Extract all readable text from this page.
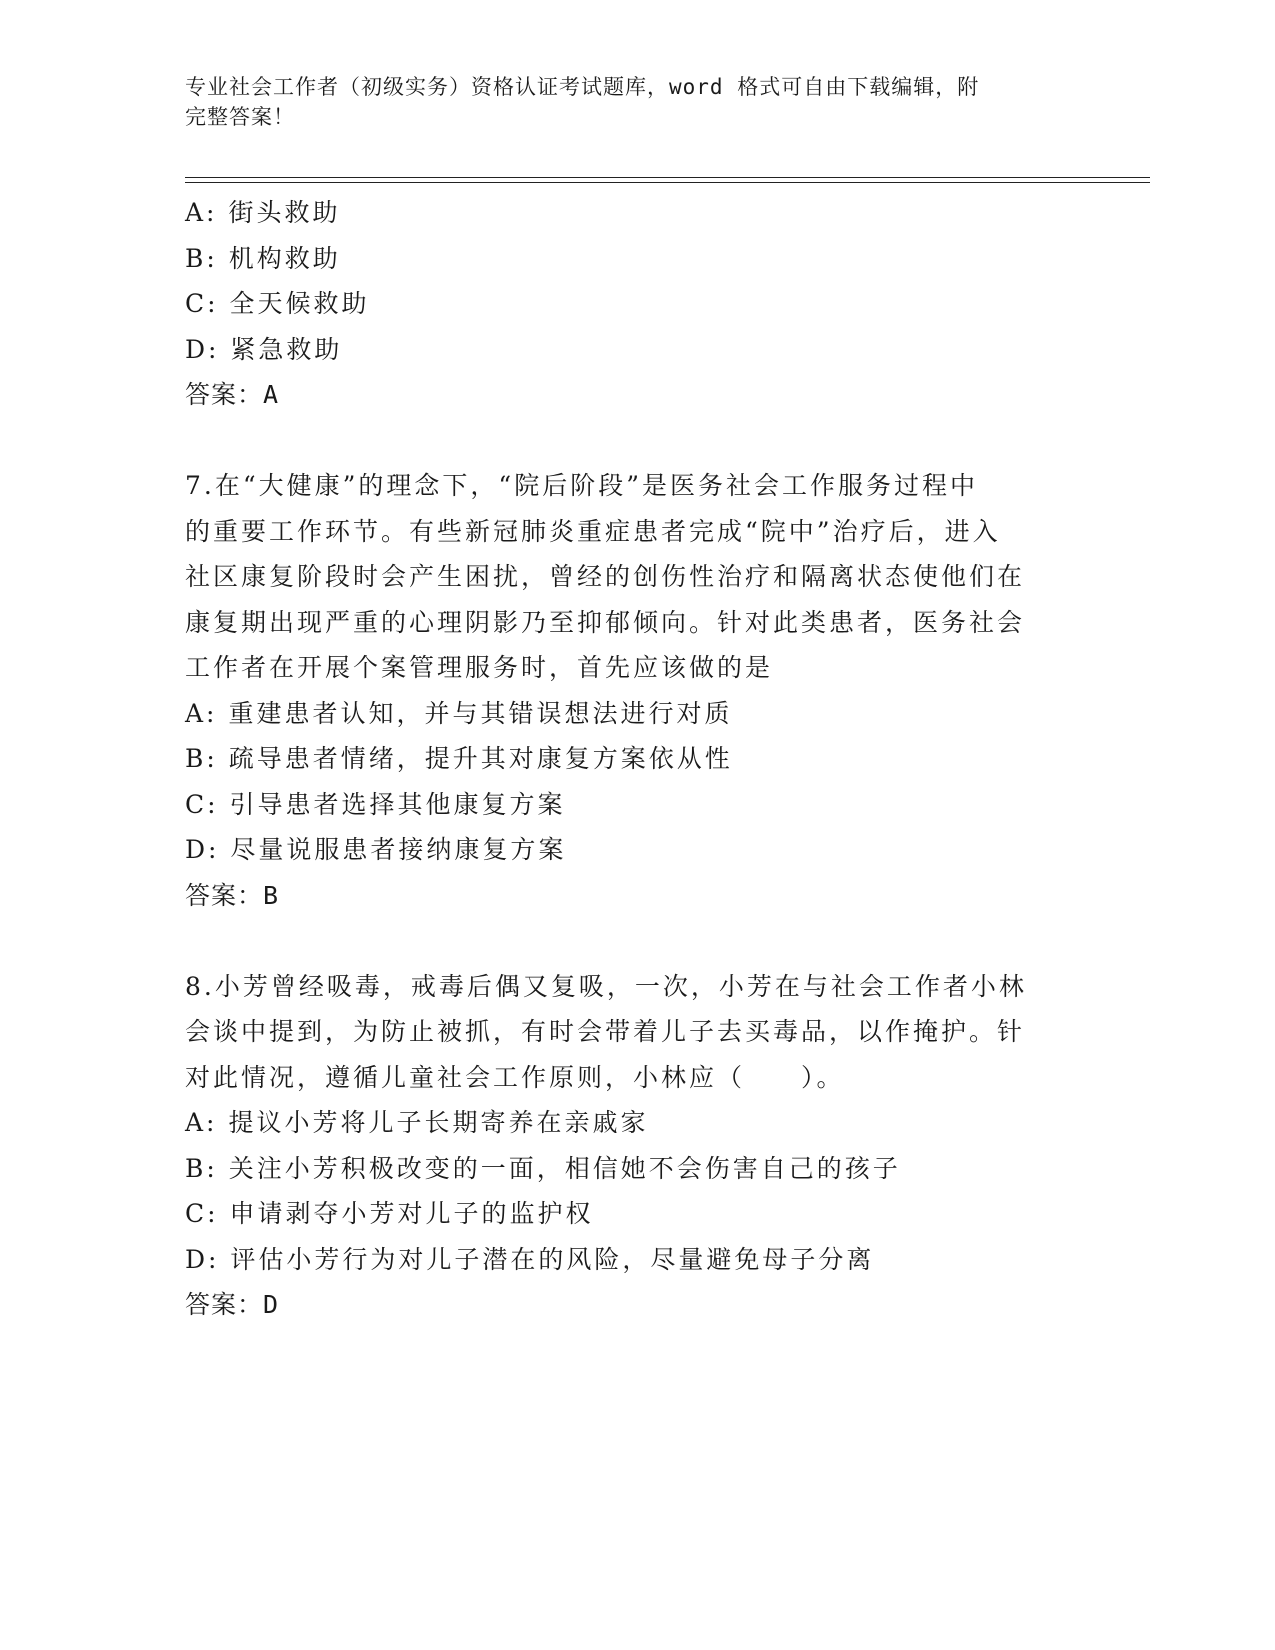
专业社会工作者（初级实务）资格认证考试题库，word 格式可自由下载编辑，附
完整答案！
A: 街头救助
B: 机构救助
C: 全天候救助
D: 紧急救助
答案：A
7.在“大健康”的理念下，“院后阶段”是医务社会工作服务过程中
的重要工作环节。有些新冠肺炎重症患者完成“院中”治疗后，进入
社区康复阶段时会产生困扰，曾经的创伤性治疗和隔离状态使他们在
康复期出现严重的心理阴影乃至抑郁倾向。针对此类患者，医务社会
工作者在开展个案管理服务时，首先应该做的是
A: 重建患者认知，并与其错误想法进行对质
B: 疏导患者情绪，提升其对康复方案依从性
C: 引导患者选择其他康复方案
D: 尽量说服患者接纳康复方案
答案：B
8.小芳曾经吸毒，戒毒后偶又复吸，一次，小芳在与社会工作者小林
会谈中提到，为防止被抓，有时会带着儿子去买毒品，以作掩护。针
对此情况，遵循儿童社会工作原则，小林应（　　）。
A: 提议小芳将儿子长期寄养在亲戚家
B: 关注小芳积极改变的一面，相信她不会伤害自己的孩子
C: 申请剥夺小芳对儿子的监护权
D: 评估小芳行为对儿子潜在的风险，尽量避免母子分离
答案：D
